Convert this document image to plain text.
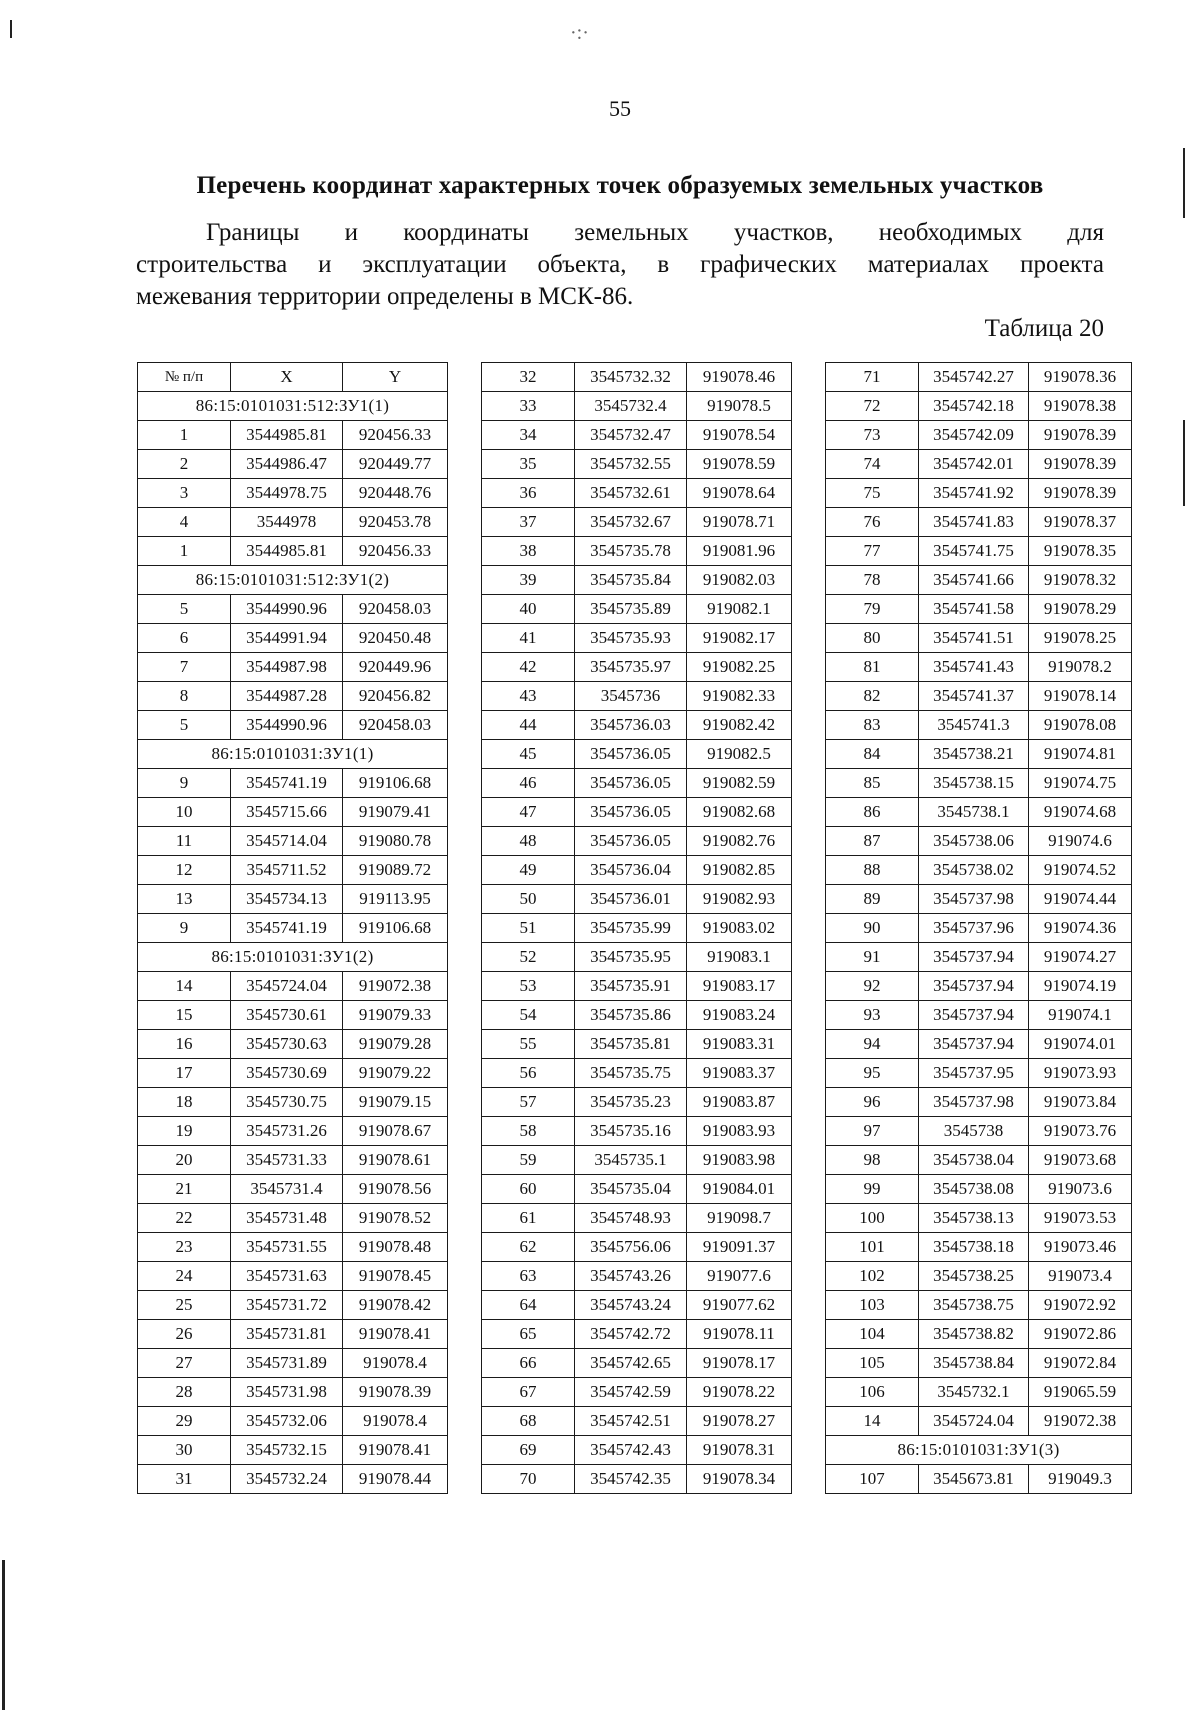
·:·
55
Перечень координат характерных точек образуемых земельных участков

Границы и координаты земельных участков, необходимых для
строительства и эксплуатации объекта, в графических материалах проекта
межевания территории определены в МСК-86.

Таблица 20
№ п/п	X	Y
86:15:0101031:512:ЗУ1(1)		
1	3544985.81	920456.33
2	3544986.47	920449.77
3	3544978.75	920448.76
4	3544978	920453.78
1	3544985.81	920456.33
86:15:0101031:512:ЗУ1(2)		
5	3544990.96	920458.03
6	3544991.94	920450.48
7	3544987.98	920449.96
8	3544987.28	920456.82
5	3544990.96	920458.03
86:15:0101031:ЗУ1(1)		
9	3545741.19	919106.68
10	3545715.66	919079.41
11	3545714.04	919080.78
12	3545711.52	919089.72
13	3545734.13	919113.95
9	3545741.19	919106.68
86:15:0101031:ЗУ1(2)		
14	3545724.04	919072.38
15	3545730.61	919079.33
16	3545730.63	919079.28
17	3545730.69	919079.22
18	3545730.75	919079.15
19	3545731.26	919078.67
20	3545731.33	919078.61
21	3545731.4	919078.56
22	3545731.48	919078.52
23	3545731.55	919078.48
24	3545731.63	919078.45
25	3545731.72	919078.42
26	3545731.81	919078.41
27	3545731.89	919078.4
28	3545731.98	919078.39
29	3545732.06	919078.4
30	3545732.15	919078.41
31	3545732.24	919078.44
32	3545732.32	919078.46
33	3545732.4	919078.5
34	3545732.47	919078.54
35	3545732.55	919078.59
36	3545732.61	919078.64
37	3545732.67	919078.71
38	3545735.78	919081.96
39	3545735.84	919082.03
40	3545735.89	919082.1
41	3545735.93	919082.17
42	3545735.97	919082.25
43	3545736	919082.33
44	3545736.03	919082.42
45	3545736.05	919082.5
46	3545736.05	919082.59
47	3545736.05	919082.68
48	3545736.05	919082.76
49	3545736.04	919082.85
50	3545736.01	919082.93
51	3545735.99	919083.02
52	3545735.95	919083.1
53	3545735.91	919083.17
54	3545735.86	919083.24
55	3545735.81	919083.31
56	3545735.75	919083.37
57	3545735.23	919083.87
58	3545735.16	919083.93
59	3545735.1	919083.98
60	3545735.04	919084.01
61	3545748.93	919098.7
62	3545756.06	919091.37
63	3545743.26	919077.6
64	3545743.24	919077.62
65	3545742.72	919078.11
66	3545742.65	919078.17
67	3545742.59	919078.22
68	3545742.51	919078.27
69	3545742.43	919078.31
70	3545742.35	919078.34
71	3545742.27	919078.36
72	3545742.18	919078.38
73	3545742.09	919078.39
74	3545742.01	919078.39
75	3545741.92	919078.39
76	3545741.83	919078.37
77	3545741.75	919078.35
78	3545741.66	919078.32
79	3545741.58	919078.29
80	3545741.51	919078.25
81	3545741.43	919078.2
82	3545741.37	919078.14
83	3545741.3	919078.08
84	3545738.21	919074.81
85	3545738.15	919074.75
86	3545738.1	919074.68
87	3545738.06	919074.6
88	3545738.02	919074.52
89	3545737.98	919074.44
90	3545737.96	919074.36
91	3545737.94	919074.27
92	3545737.94	919074.19
93	3545737.94	919074.1
94	3545737.94	919074.01
95	3545737.95	919073.93
96	3545737.98	919073.84
97	3545738	919073.76
98	3545738.04	919073.68
99	3545738.08	919073.6
100	3545738.13	919073.53
101	3545738.18	919073.46
102	3545738.25	919073.4
103	3545738.75	919072.92
104	3545738.82	919072.86
105	3545738.84	919072.84
106	3545732.1	919065.59
14	3545724.04	919072.38
86:15:0101031:ЗУ1(3)		
107	3545673.81	919049.3
